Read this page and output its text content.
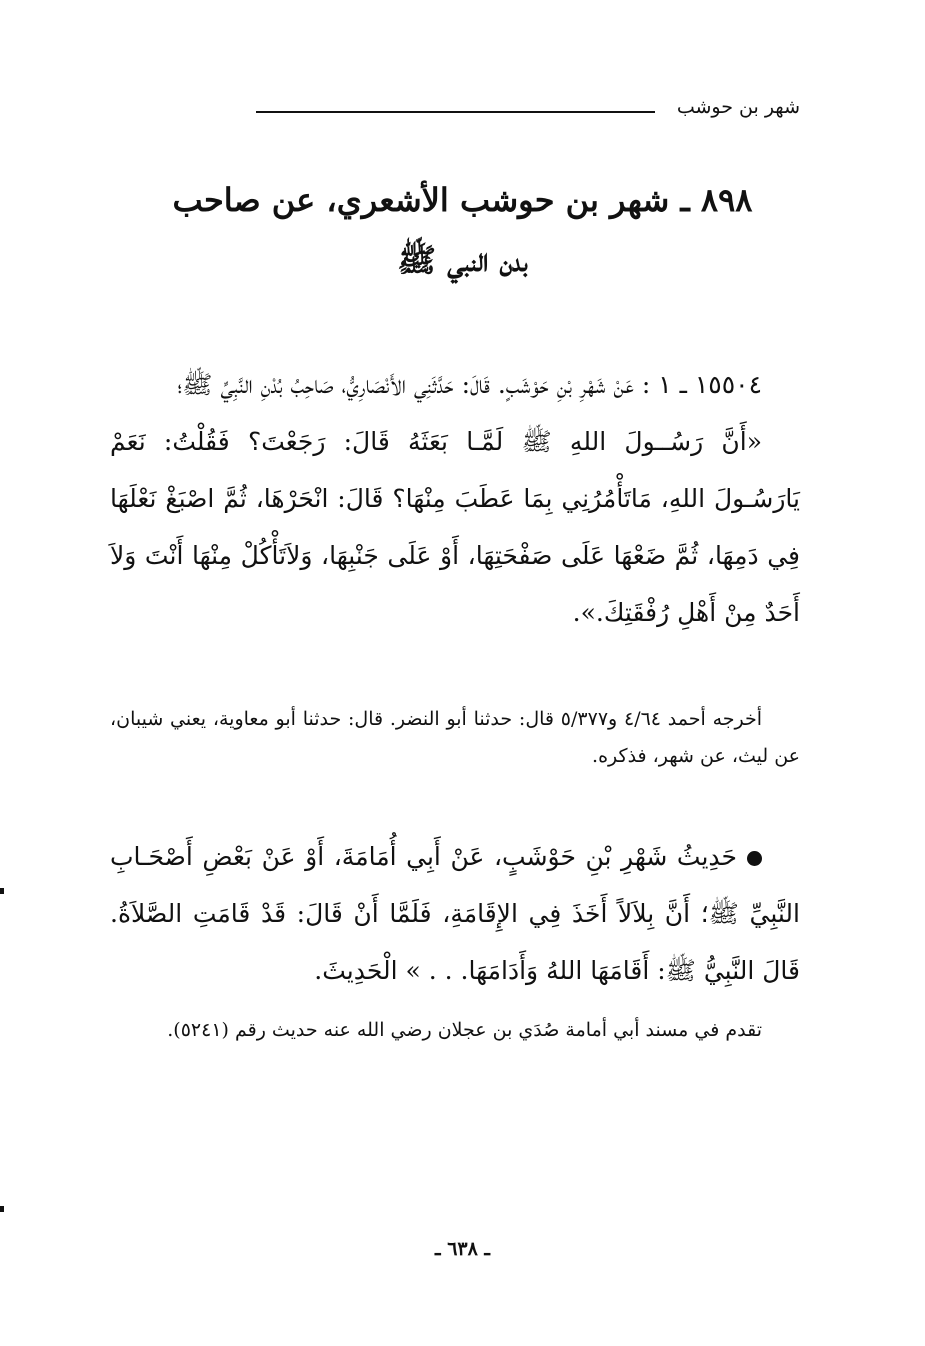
شهر بن حوشب
٨٩٨ ـ شهر بن حوشب الأشعري، عن صاحب
بدن النبي ﷺ
١٥٥٠٤ ـ ١ : عَنْ شَهْرِ بْنِ حَوْشَبٍ. قَالَ: حَدَّثَنِي الأَنْصَارِيُّ، صَاحِبُ بُدْنِ النَّبِيِّ ﷺ؛
«أَنَّ رَسُــولَ اللهِ ﷺ لَمَّـا بَعَثَهُ قَالَ: رَجَعْتَ؟ فَقُلْتُ: نَعَمْ يَارَسُـولَ اللهِ، مَاتَأْمُرُنِي بِمَا عَطَبَ مِنْهَا؟ قَالَ: انْحَرْهَا، ثُمَّ اصْبَغْ نَعْلَهَا فِي دَمِهَا، ثُمَّ ضَعْهَا عَلَى صَفْحَتِهَا، أَوْ عَلَى جَنْبِهَا، وَلاَتَأْكُلْ مِنْهَا أَنْتَ وَلاَ أَحَدٌ مِنْ أَهْلِ رُفْقَتِكَ.».
أخرجه أحمد ٤/٦٤ و٥/٣٧٧ قال: حدثنا أبو النضر. قال: حدثنا أبو معاوية، يعني شيبان، عن ليث، عن شهر، فذكره.
حَدِيثُ شَهْرِ بْنِ حَوْشَبٍ، عَنْ أَبِي أُمَامَةَ، أَوْ عَنْ بَعْضِ أَصْحَـابِ النَّبِيِّ ﷺ؛ أَنَّ بِلاَلاً أَخَذَ فِي الإِقَامَةِ، فَلَمَّا أَنْ قَالَ: قَدْ قَامَتِ الصَّلاَةُ. قَالَ النَّبِيُّ ﷺ: أَقَامَهَا اللهُ وَأَدَامَهَا. . . » الْحَدِيثَ.
تقدم في مسند أبي أمامة صُدَي بن عجلان رضي الله عنه حديث رقم (٥٢٤١).
ـ ٦٣٨ ـ
